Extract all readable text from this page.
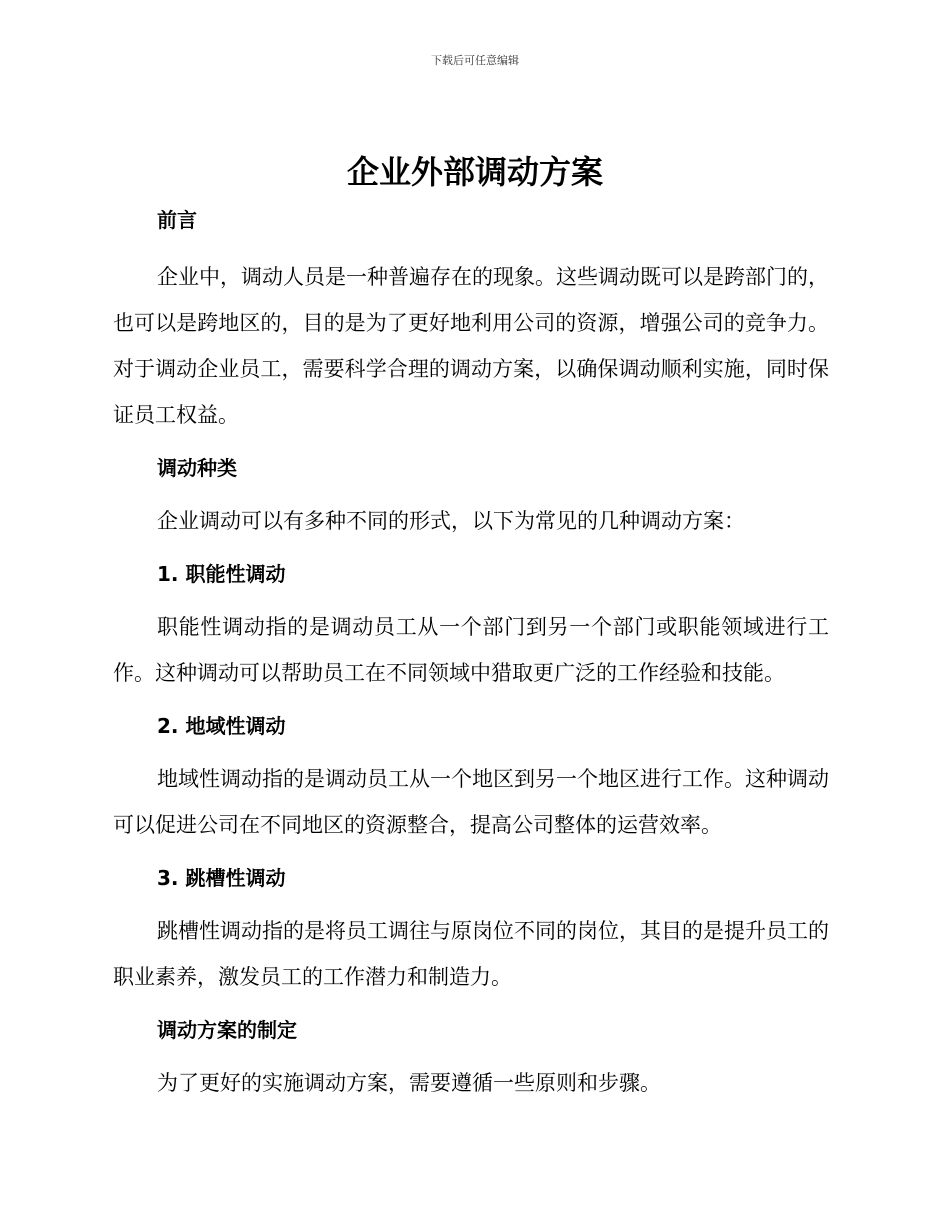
下载后可任意编辑
企业外部调动方案
前言

企业中，调动人员是一种普遍存在的现象。这些调动既可以是跨部门的，也可以是跨地区的，目的是为了更好地利用公司的资源，增强公司的竞争力。对于调动企业员工，需要科学合理的调动方案，以确保调动顺利实施，同时保证员工权益。

调动种类

企业调动可以有多种不同的形式，以下为常见的几种调动方案：

1. 职能性调动

职能性调动指的是调动员工从一个部门到另一个部门或职能领域进行工作。这种调动可以帮助员工在不同领域中猎取更广泛的工作经验和技能。

2. 地域性调动

地域性调动指的是调动员工从一个地区到另一个地区进行工作。这种调动可以促进公司在不同地区的资源整合，提高公司整体的运营效率。

3. 跳槽性调动

跳槽性调动指的是将员工调往与原岗位不同的岗位，其目的是提升员工的职业素养，激发员工的工作潜力和制造力。

调动方案的制定

为了更好的实施调动方案，需要遵循一些原则和步骤。
